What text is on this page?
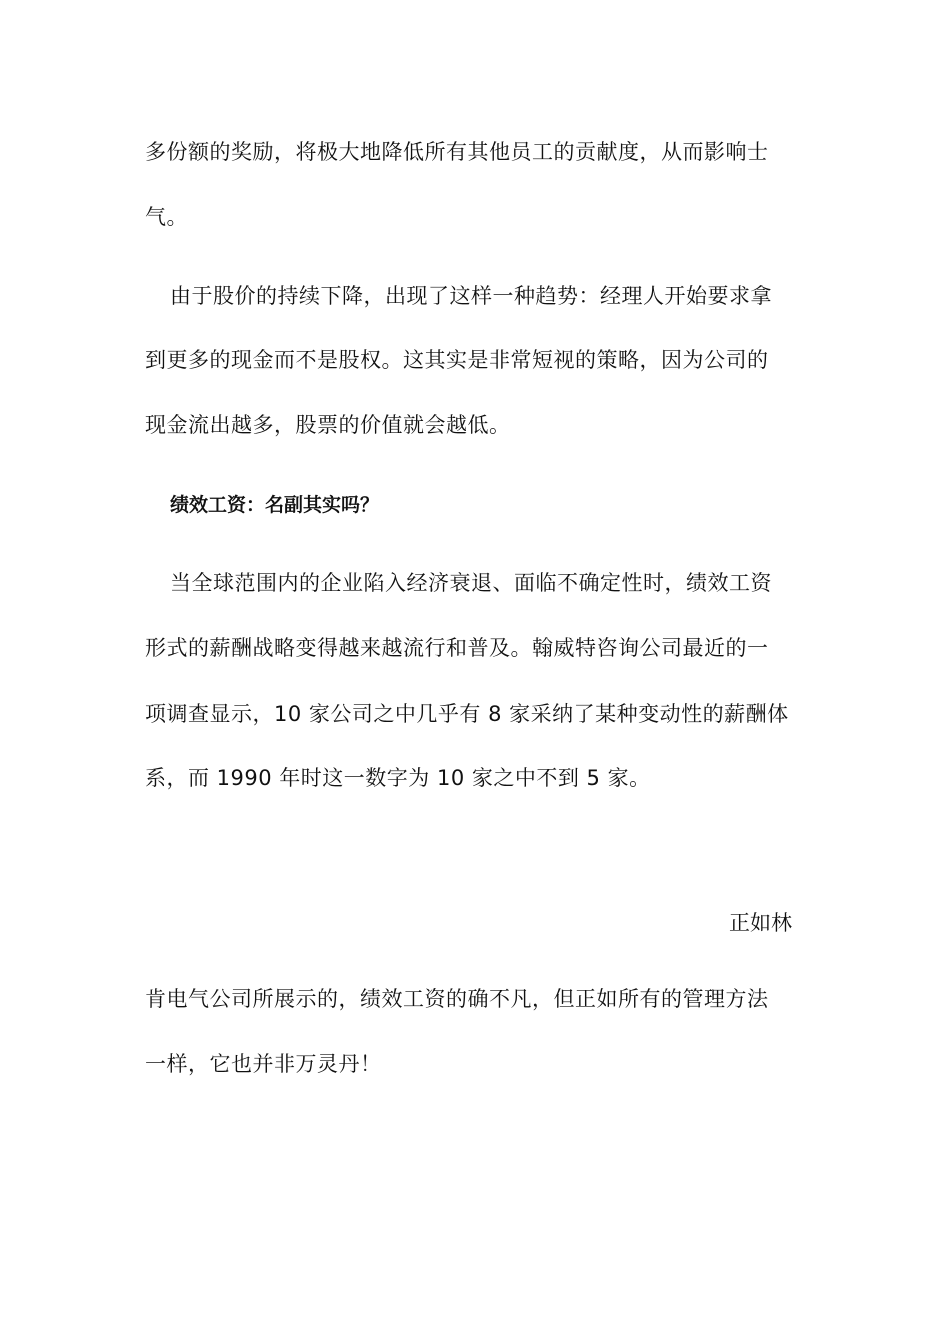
多份额的奖励，将极大地降低所有其他员工的贡献度，从而影响士
气。
由于股价的持续下降，出现了这样一种趋势：经理人开始要求拿
到更多的现金而不是股权。这其实是非常短视的策略，因为公司的
现金流出越多，股票的价值就会越低。
绩效工资：名副其实吗？
当全球范围内的企业陷入经济衰退、面临不确定性时，绩效工资
形式的薪酬战略变得越来越流行和普及。翰威特咨询公司最近的一
项调查显示，10 家公司之中几乎有 8 家采纳了某种变动性的薪酬体
系，而 1990 年时这一数字为 10 家之中不到 5 家。
正如林
肯电气公司所展示的，绩效工资的确不凡，但正如所有的管理方法
一样，它也并非万灵丹！
